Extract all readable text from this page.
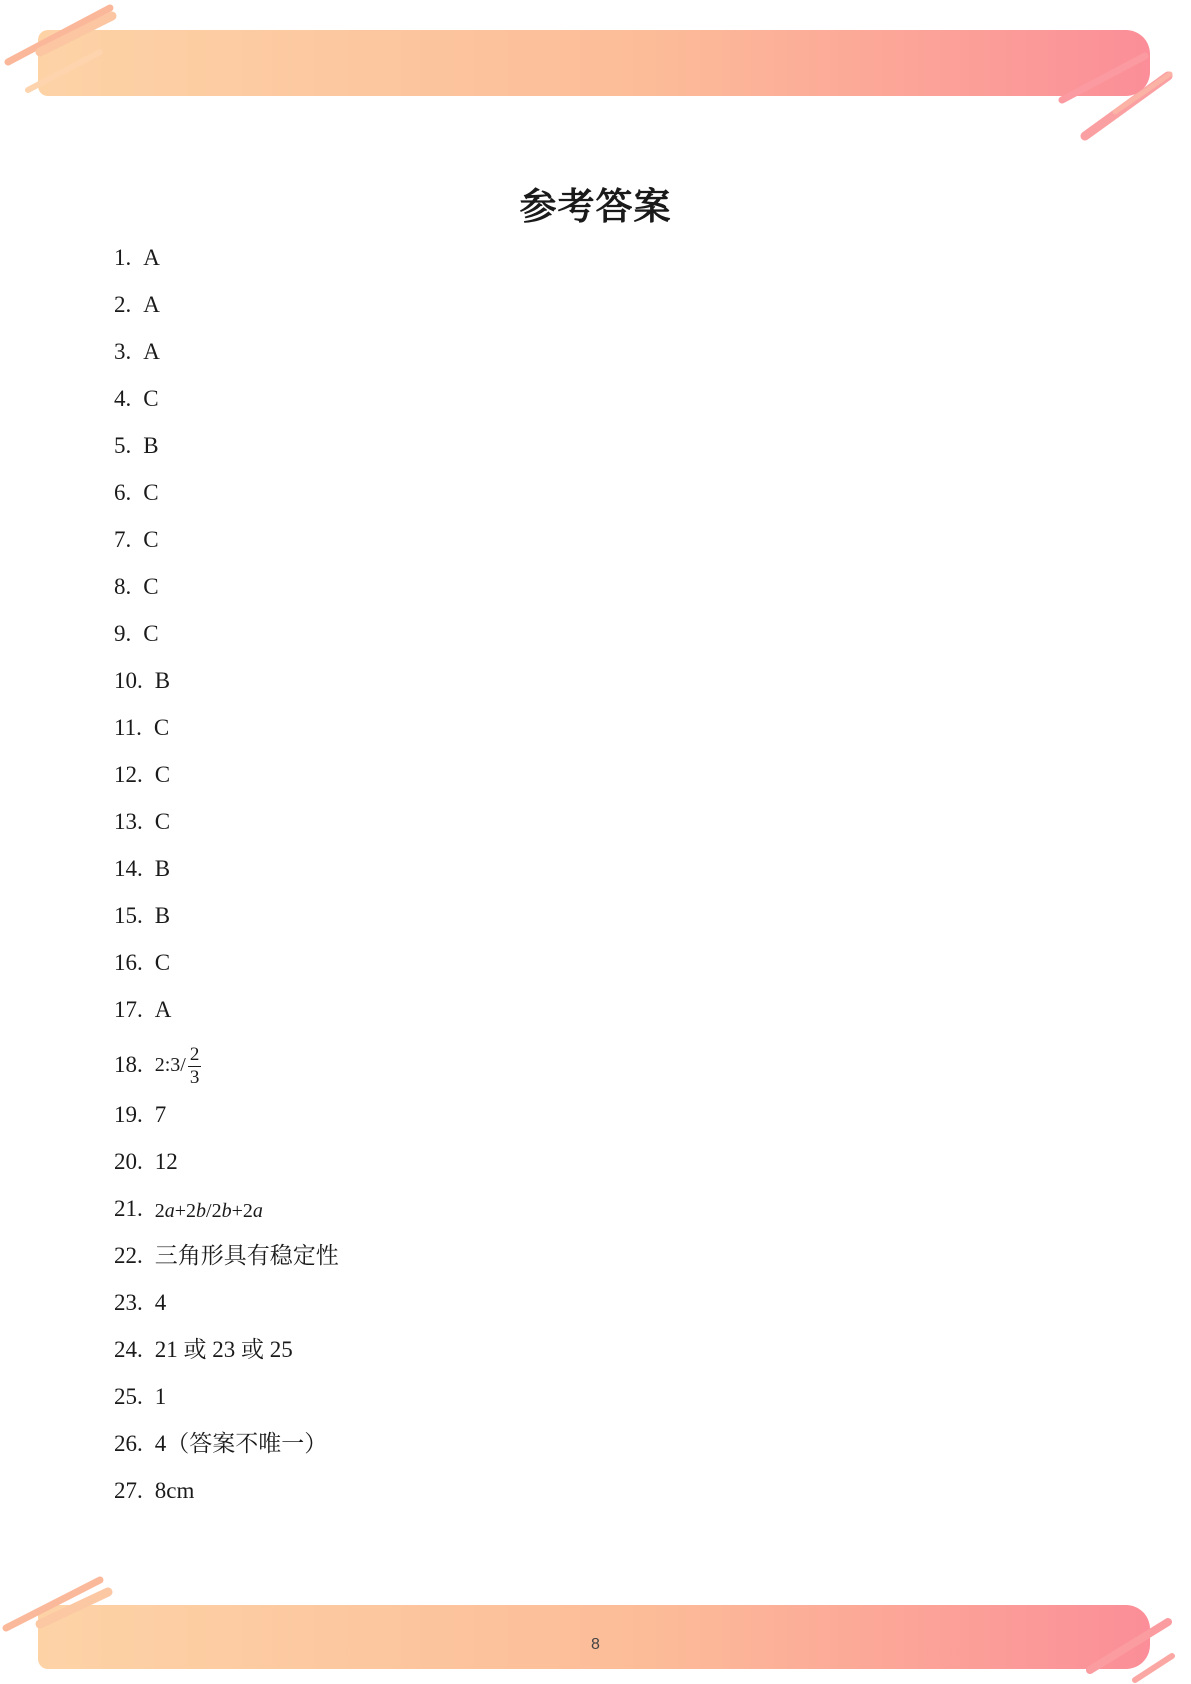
参考答案
1. A
2. A
3. A
4. C
5. B
6. C
7. C
8. C
9. C
10. B
11. C
12. C
13. C
14. B
15. B
16. C
17. A
18. 2:3/ $\frac{2}{3}$
19. 7
20. 12
21. 2a+2b/2b+2a
22. 三角形具有稳定性
23. 4
24. 21 或 23 或 25
25. 1
26. 4（答案不唯一）
27. 8cm
8
